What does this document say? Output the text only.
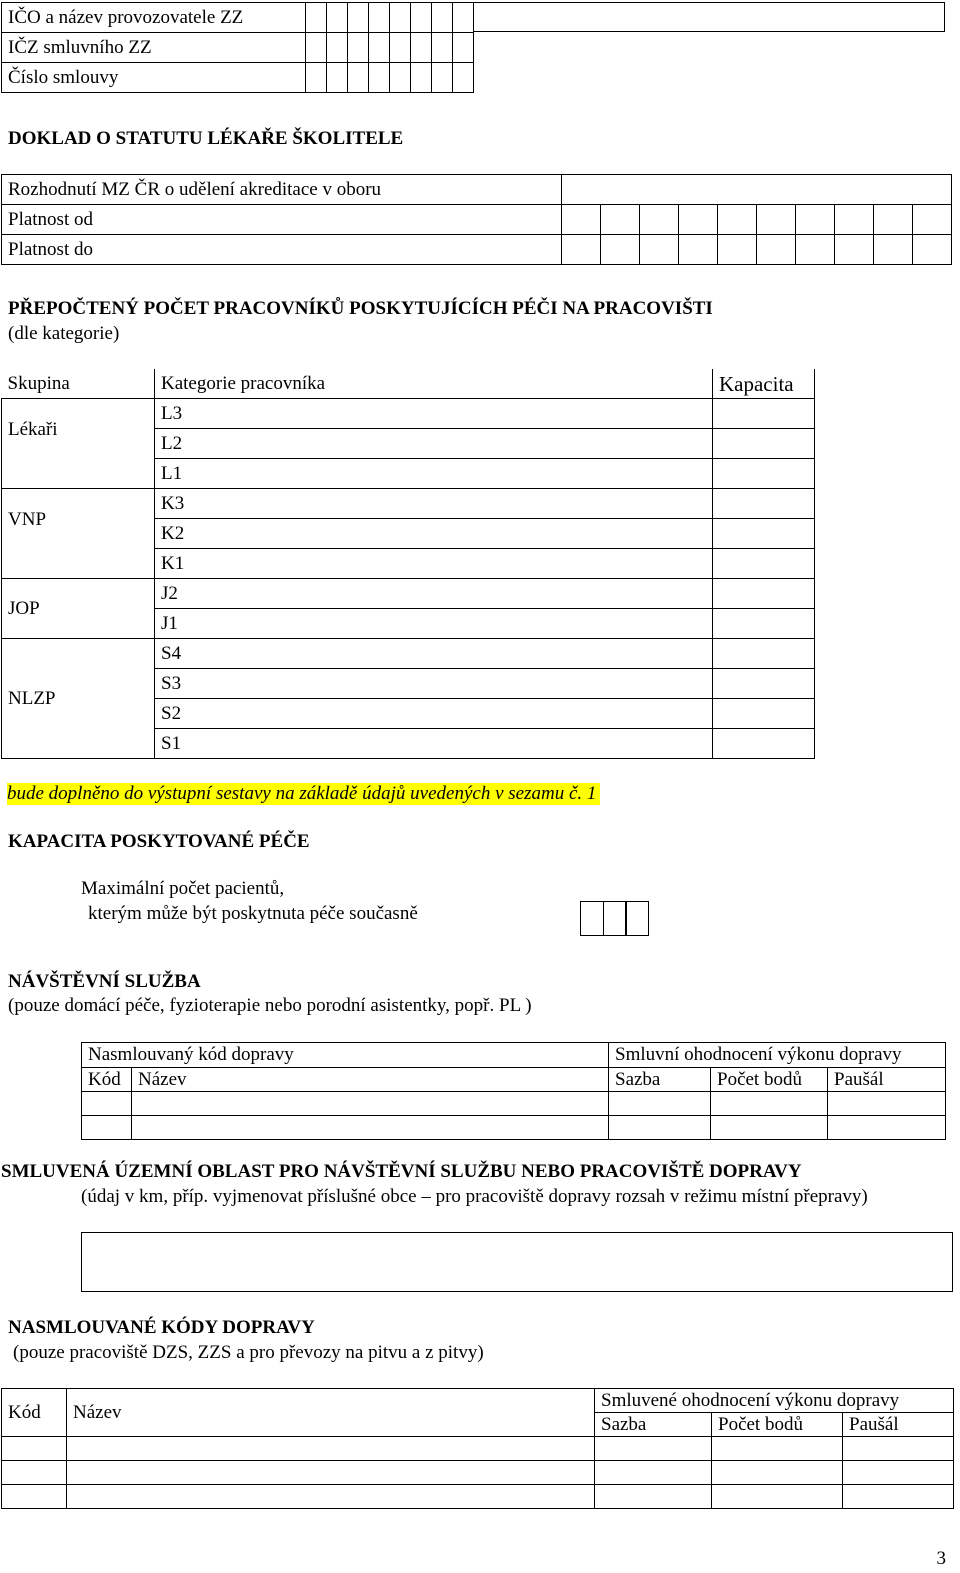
IČO a název provozovatele ZZ								
IČZ smluvního ZZ								
Číslo smlouvy								
DOKLAD O STATUTU LÉKAŘE ŠKOLITELE
Rozhodnutí MZ ČR o udělení akreditace v oboru										
Platnost od										
Platnost do										
PŘEPOČTENÝ POČET PRACOVNÍKŮ POSKYTUJÍCÍCH PÉČI NA PRACOVIŠTI
(dle kategorie)
Skupina	Kategorie pracovníka	Kapacita
Lékaři	L3	
	L2	
	L1	
VNP	K3	
	K2	
	K1	
JOP	J2	
	J1	
NLZP	S4	
	S3	
	S2	
	S1	
bude doplněno do výstupní sestavy na základě údajů uvedených v sezamu č. 1
KAPACITA POSKYTOVANÉ PÉČE
Maximální počet pacientů,
kterým může být poskytnuta péče současně
NÁVŠTĚVNÍ SLUŽBA
(pouze domácí péče, fyzioterapie nebo porodní asistentky, popř. PL )
Nasmlouvaný kód dopravy		Smluvní ohodnocení výkonu dopravy		
Kód	Název	Sazba	Počet bodů	Paušál

SMLUVENÁ ÚZEMNÍ OBLAST PRO NÁVŠTĚVNÍ SLUŽBU NEBO PRACOVIŠTĚ DOPRAVY
(údaj v km, příp. vyjmenovat příslušné obce – pro pracoviště dopravy rozsah v režimu místní přepravy)
NASMLOUVANÉ KÓDY DOPRAVY
(pouze pracoviště DZS, ZZS a pro převozy na pitvu a z pitvy)
Kód	Název	Smluvené ohodnocení výkonu dopravy		
		Sazba	Počet bodů	Paušál

3
